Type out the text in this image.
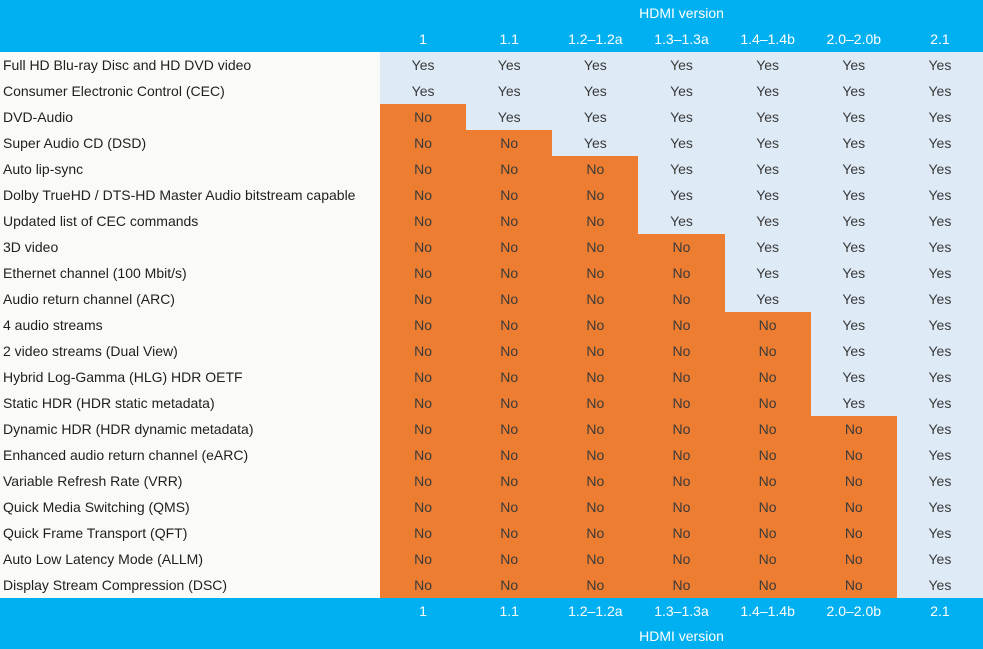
HDMI version
1	1.1	1.2–1.2a	1.3–1.3a	1.4–1.4b	2.0–2.0b	2.1
Full HD Blu-ray Disc and HD DVD video	Yes	Yes	Yes	Yes	Yes	Yes	Yes
Consumer Electronic Control (CEC)	Yes	Yes	Yes	Yes	Yes	Yes	Yes
DVD-Audio	No	Yes	Yes	Yes	Yes	Yes	Yes
Super Audio CD (DSD)	No	No	Yes	Yes	Yes	Yes	Yes
Auto lip-sync	No	No	No	Yes	Yes	Yes	Yes
Dolby TrueHD / DTS-HD Master Audio bitstream capable	No	No	No	Yes	Yes	Yes	Yes
Updated list of CEC commands	No	No	No	Yes	Yes	Yes	Yes
3D video	No	No	No	No	Yes	Yes	Yes
Ethernet channel (100 Mbit/s)	No	No	No	No	Yes	Yes	Yes
Audio return channel (ARC)	No	No	No	No	Yes	Yes	Yes
4 audio streams	No	No	No	No	No	Yes	Yes
2 video streams (Dual View)	No	No	No	No	No	Yes	Yes
Hybrid Log-Gamma (HLG) HDR OETF	No	No	No	No	No	Yes	Yes
Static HDR (HDR static metadata)	No	No	No	No	No	Yes	Yes
Dynamic HDR (HDR dynamic metadata)	No	No	No	No	No	No	Yes
Enhanced audio return channel (eARC)	No	No	No	No	No	No	Yes
Variable Refresh Rate (VRR)	No	No	No	No	No	No	Yes
Quick Media Switching (QMS)	No	No	No	No	No	No	Yes
Quick Frame Transport (QFT)	No	No	No	No	No	No	Yes
Auto Low Latency Mode (ALLM)	No	No	No	No	No	No	Yes
Display Stream Compression (DSC)	No	No	No	No	No	No	Yes
1	1.1	1.2–1.2a	1.3–1.3a	1.4–1.4b	2.0–2.0b	2.1
HDMI version
